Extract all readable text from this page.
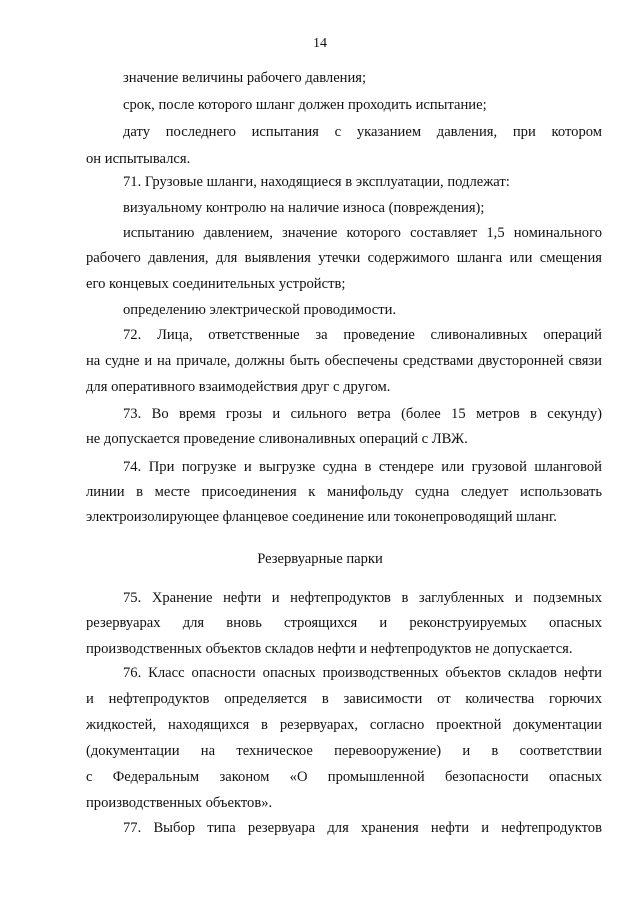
14
значение величины рабочего давления;
срок, после которого шланг должен проходить испытание;
дату последнего испытания с указанием давления, при котором
он испытывался.
71. Грузовые шланги, находящиеся в эксплуатации, подлежат:
визуальному контролю на наличие износа (повреждения);
испытанию давлением, значение которого составляет 1,5 номинального
рабочего давления, для выявления утечки содержимого шланга или смещения
его концевых соединительных устройств;
определению электрической проводимости.
72. Лица, ответственные за проведение сливоналивных операций
на судне и на причале, должны быть обеспечены средствами двусторонней связи
для оперативного взаимодействия друг с другом.
73. Во время грозы и сильного ветра (более 15 метров в секунду)
не допускается проведение сливоналивных операций с ЛВЖ.
74. При погрузке и выгрузке судна в стендере или грузовой шланговой
линии в месте присоединения к манифольду судна следует использовать
электроизолирующее фланцевое соединение или токонепроводящий шланг.
Резервуарные парки
75. Хранение нефти и нефтепродуктов в заглубленных и подземных
резервуарах для вновь строящихся и реконструируемых опасных
производственных объектов складов нефти и нефтепродуктов не допускается.
76. Класс опасности опасных производственных объектов складов нефти
и нефтепродуктов определяется в зависимости от количества горючих
жидкостей, находящихся в резервуарах, согласно проектной документации
(документации на техническое перевооружение) и в соответствии
с Федеральным законом «О промышленной безопасности опасных
производственных объектов».
77. Выбор типа резервуара для хранения нефти и нефтепродуктов
